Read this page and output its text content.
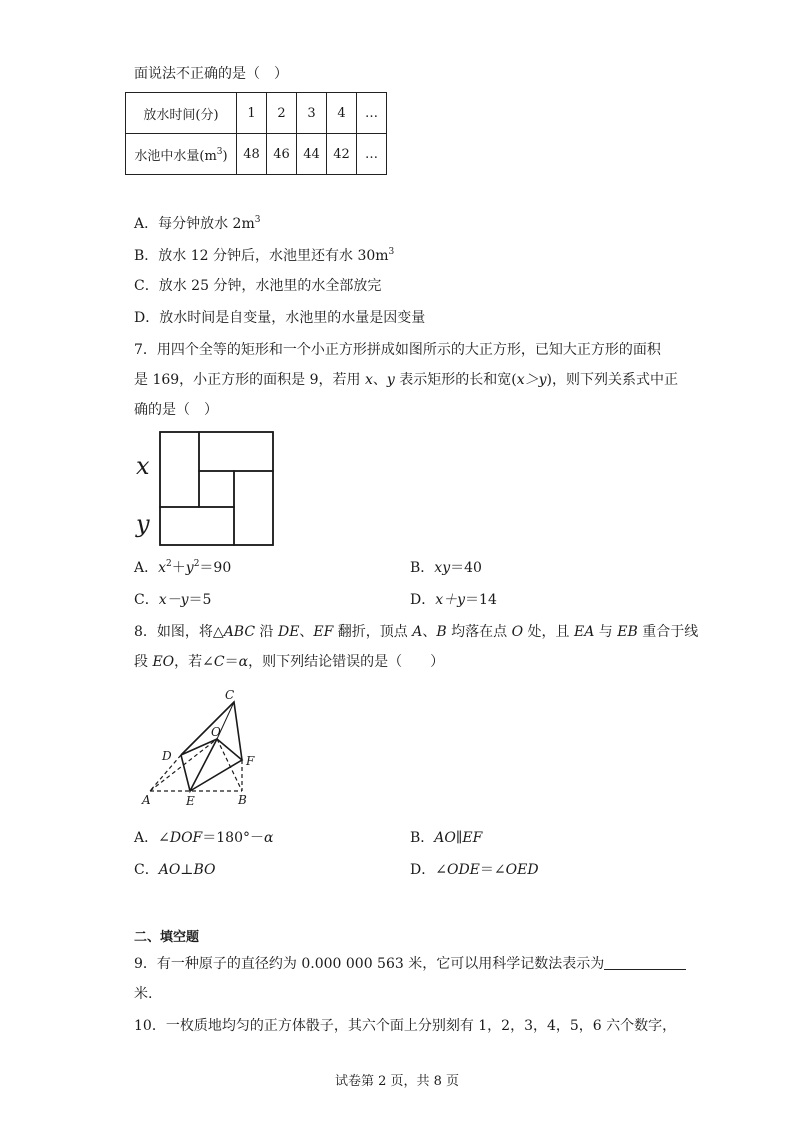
面说法不正确的是（　）
放水时间(分)	1	2	3	4	…
水池中水量$(m^3)$	48	46	44	42	…
A．每分钟放水 $2m^3$
B．放水 12 分钟后，水池里还有水 $30m^3$
C．放水 25 分钟，水池里的水全部放完
D．放水时间是自变量，水池里的水量是因变量
7．用四个全等的矩形和一个小正方形拼成如图所示的大正方形，已知大正方形的面积
是 169，小正方形的面积是 9，若用 x、y 表示矩形的长和宽(x＞y)，则下列关系式中正
确的是（　）
x
y
A．$x^2+y^2=90$	B．xy＝40
C．x－y＝5	D．x＋y＝14
8．如图，将△ABC 沿 DE、EF 翻折，顶点 A、B 均落在点 O 处，且 EA 与 EB 重合于线
段 EO，若∠C＝α，则下列结论错误的是（　　）
C
D
O
F
A	E	B
A．∠DOF＝180°－α	B．AO∥EF
C．AO⊥BO	D．∠ODE＝∠OED
二、填空题
9．有一种原子的直径约为 0.000 000 563 米，它可以用科学记数法表示为
米.
10．一枚质地均匀的正方体骰子，其六个面上分别刻有 1，2，3，4，5，6 六个数字，
试卷第 2 页，共 8 页
